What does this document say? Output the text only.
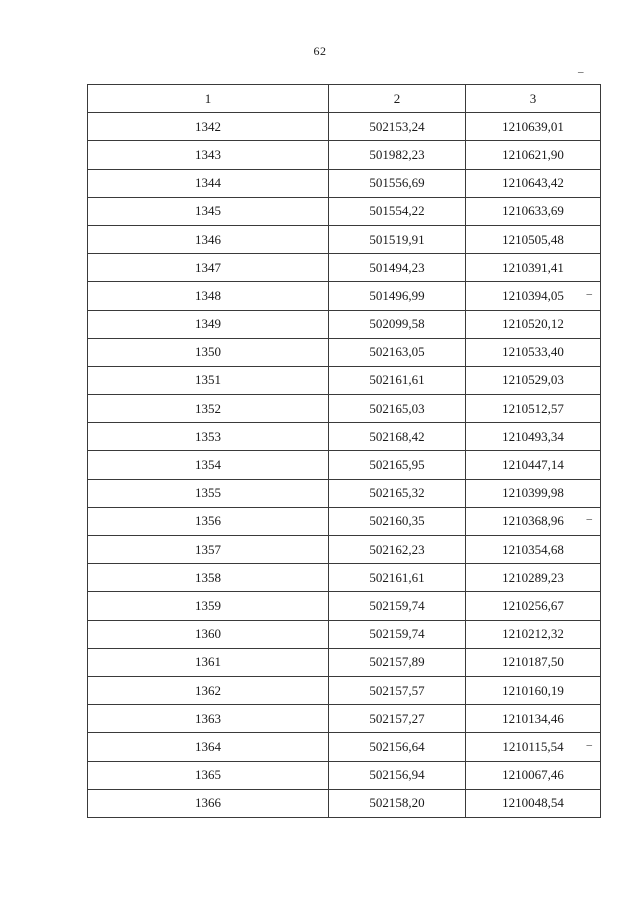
62
–
1	2	3
1342	502153,24	1210639,01
1343	501982,23	1210621,90
1344	501556,69	1210643,42
1345	501554,22	1210633,69
1346	501519,91	1210505,48
1347	501494,23	1210391,41
1348	501496,99	1210394,05
1349	502099,58	1210520,12
1350	502163,05	1210533,40
1351	502161,61	1210529,03
1352	502165,03	1210512,57
1353	502168,42	1210493,34
1354	502165,95	1210447,14
1355	502165,32	1210399,98
1356	502160,35	1210368,96
1357	502162,23	1210354,68
1358	502161,61	1210289,23
1359	502159,74	1210256,67
1360	502159,74	1210212,32
1361	502157,89	1210187,50
1362	502157,57	1210160,19
1363	502157,27	1210134,46
1364	502156,64	1210115,54
1365	502156,94	1210067,46
1366	502158,20	1210048,54
–
–
–
